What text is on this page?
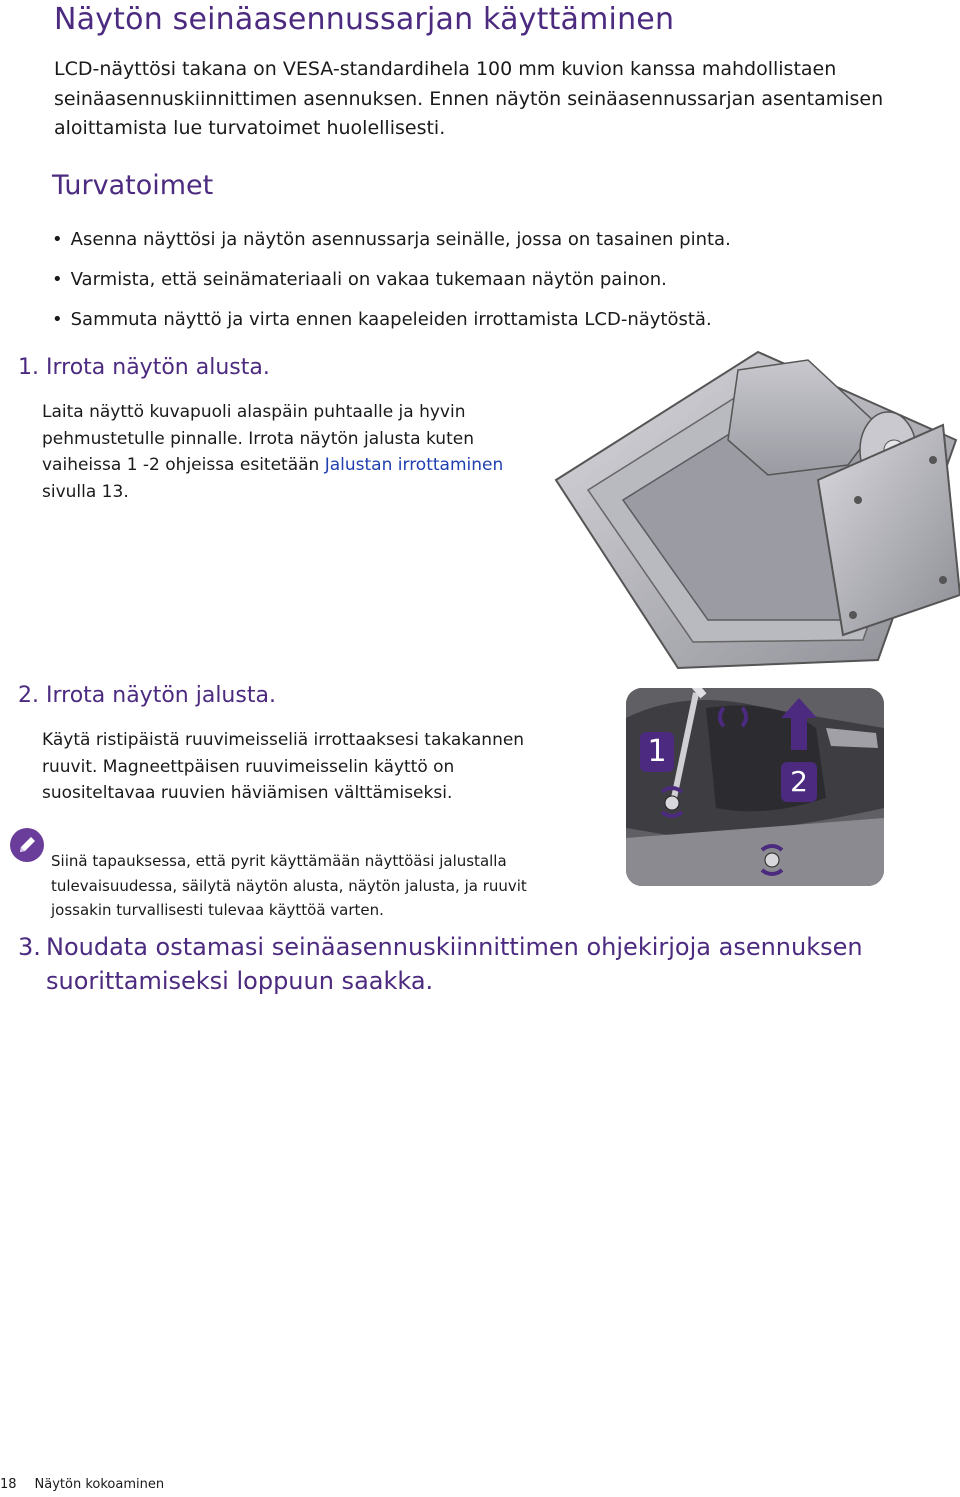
Näytön seinäasennussarjan käyttäminen

LCD-näyttösi takana on VESA-standardihela 100 mm kuvion kanssa mahdollistaen seinäasennuskiinnittimen asennuksen. Ennen näytön seinäasennussarjan asentamisen aloittamista lue turvatoimet huolellisesti.

Turvatoimet
• Asenna näyttösi ja näytön asennussarja seinälle, jossa on tasainen pinta.
• Varmista, että seinämateriaali on vakaa tukemaan näytön painon.
• Sammuta näyttö ja virta ennen kaapeleiden irrottamista LCD-näytöstä.
1. Irrota näytön alusta.

Laita näyttö kuvapuoli alaspäin puhtaalle ja hyvin pehmustetulle pinnalle. Irrota näytön jalusta kuten vaiheissa 1 -2 ohjeissa esitetään Jalustan irrottaminen sivulla 13.

2. Irrota näytön jalusta.

Käytä ristipäistä ruuvimeisseliä irrottaaksesi takakannen ruuvit. Magneettpäisen ruuvimeisselin käyttö on suositeltavaa ruuvien häviämisen välttämiseksi.

1
2

Siinä tapauksessa, että pyrit käyttämään näyttöäsi jalustalla tulevaisuudessa, säilytä näytön alusta, näytön jalusta, ja ruuvit jossakin turvallisesti tulevaa käyttöä varten.

3. Noudata ostamasi seinäasennuskiinnittimen ohjekirjoja asennuksen
suorittamiseksi loppuun saakka.
18 Näytön kokoaminen
